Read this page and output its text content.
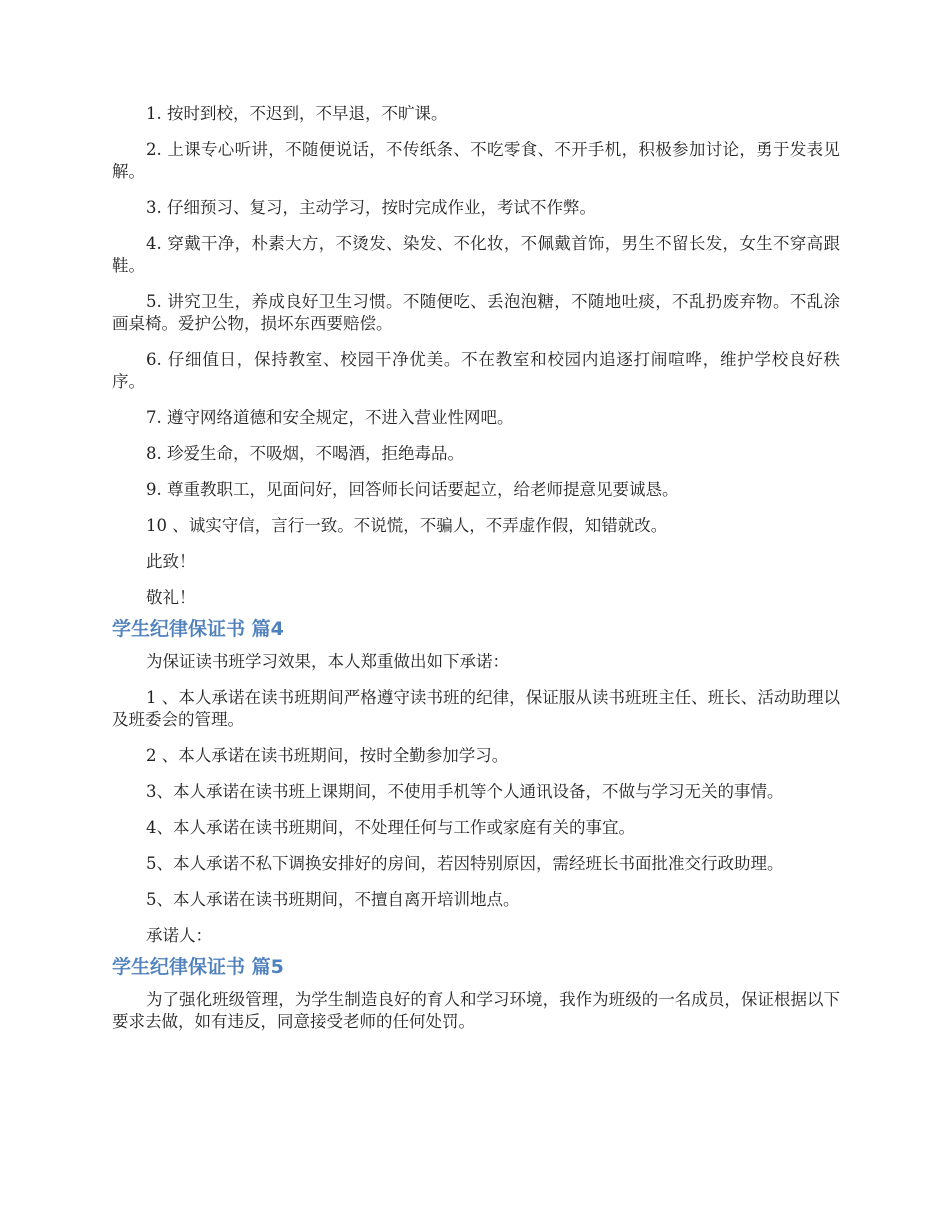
1. 按时到校，不迟到，不早退，不旷课。

2. 上课专心听讲，不随便说话，不传纸条、不吃零食、不开手机，积极参加讨论，勇于发表见解。

3. 仔细预习、复习，主动学习，按时完成作业，考试不作弊。

4. 穿戴干净，朴素大方，不烫发、染发、不化妆，不佩戴首饰，男生不留长发，女生不穿高跟鞋。

5. 讲究卫生，养成良好卫生习惯。不随便吃、丢泡泡糖，不随地吐痰，不乱扔废弃物。不乱涂画桌椅。爱护公物，损坏东西要赔偿。

6. 仔细值日，保持教室、校园干净优美。不在教室和校园内追逐打闹喧哗，维护学校良好秩序。

7. 遵守网络道德和安全规定，不进入营业性网吧。

8. 珍爱生命，不吸烟，不喝酒，拒绝毒品。

9. 尊重教职工，见面问好，回答师长问话要起立，给老师提意见要诚恳。

10 、诚实守信，言行一致。不说慌，不骗人，不弄虚作假，知错就改。

此致！

敬礼！

学生纪律保证书 篇4

为保证读书班学习效果，本人郑重做出如下承诺：

1 、本人承诺在读书班期间严格遵守读书班的纪律，保证服从读书班班主任、班长、活动助理以及班委会的管理。

2 、本人承诺在读书班期间，按时全勤参加学习。

3、本人承诺在读书班上课期间，不使用手机等个人通讯设备，不做与学习无关的事情。

4、本人承诺在读书班期间，不处理任何与工作或家庭有关的事宜。

5、本人承诺不私下调换安排好的房间，若因特别原因，需经班长书面批准交行政助理。

5、本人承诺在读书班期间，不擅自离开培训地点。

承诺人：

学生纪律保证书 篇5

为了强化班级管理，为学生制造良好的育人和学习环境，我作为班级的一名成员，保证根据以下要求去做，如有违反，同意接受老师的任何处罚。
